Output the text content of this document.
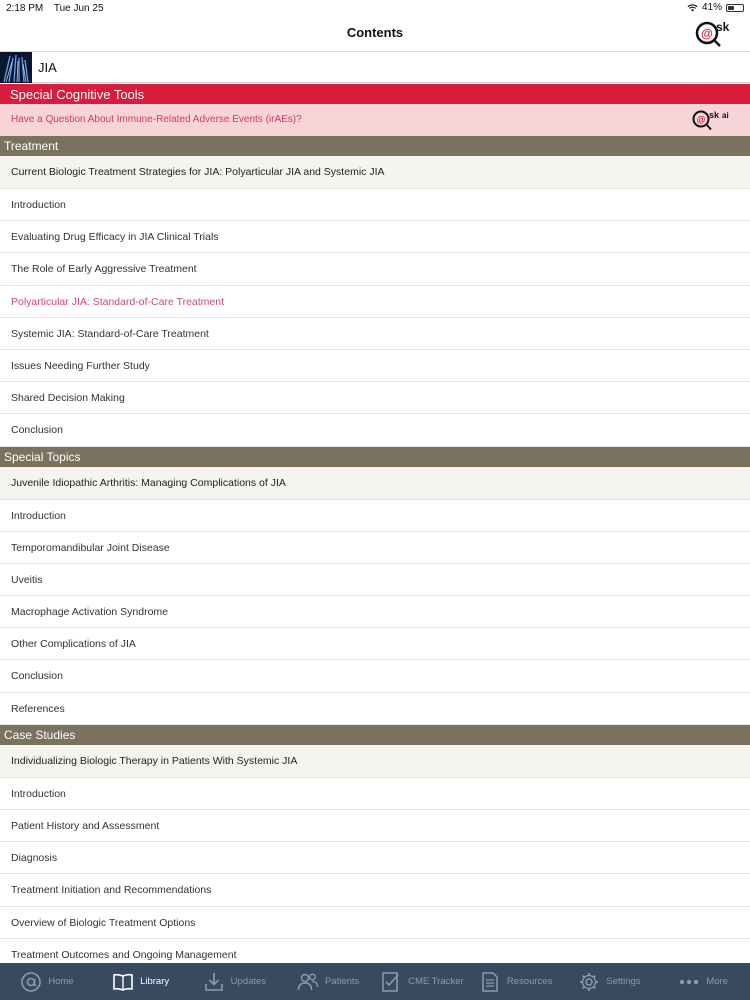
2:18 PM Tue Jun 25	41%
Contents	@ sk
JIA
Special Cognitive Tools
Have a Question About Immune-Related Adverse Events (irAEs)?	@ sk ai
Treatment
Current Biologic Treatment Strategies for JIA: Polyarticular JIA and Systemic JIA
Introduction
Evaluating Drug Efficacy in JIA Clinical Trials
The Role of Early Aggressive Treatment
Polyarticular JIA: Standard-of-Care Treatment
Systemic JIA: Standard-of-Care Treatment
Issues Needing Further Study
Shared Decision Making
Conclusion
Special Topics
Juvenile Idiopathic Arthritis: Managing Complications of JIA
Introduction
Temporomandibular Joint Disease
Uveitis
Macrophage Activation Syndrome
Other Complications of JIA
Conclusion
References
Case Studies
Individualizing Biologic Therapy in Patients With Systemic JIA
Introduction
Patient History and Assessment
Diagnosis
Treatment Initiation and Recommendations
Overview of Biologic Treatment Options
Treatment Outcomes and Ongoing Management
Home	Library	Updates	Patients	CME Tracker	Resources	Settings	More
